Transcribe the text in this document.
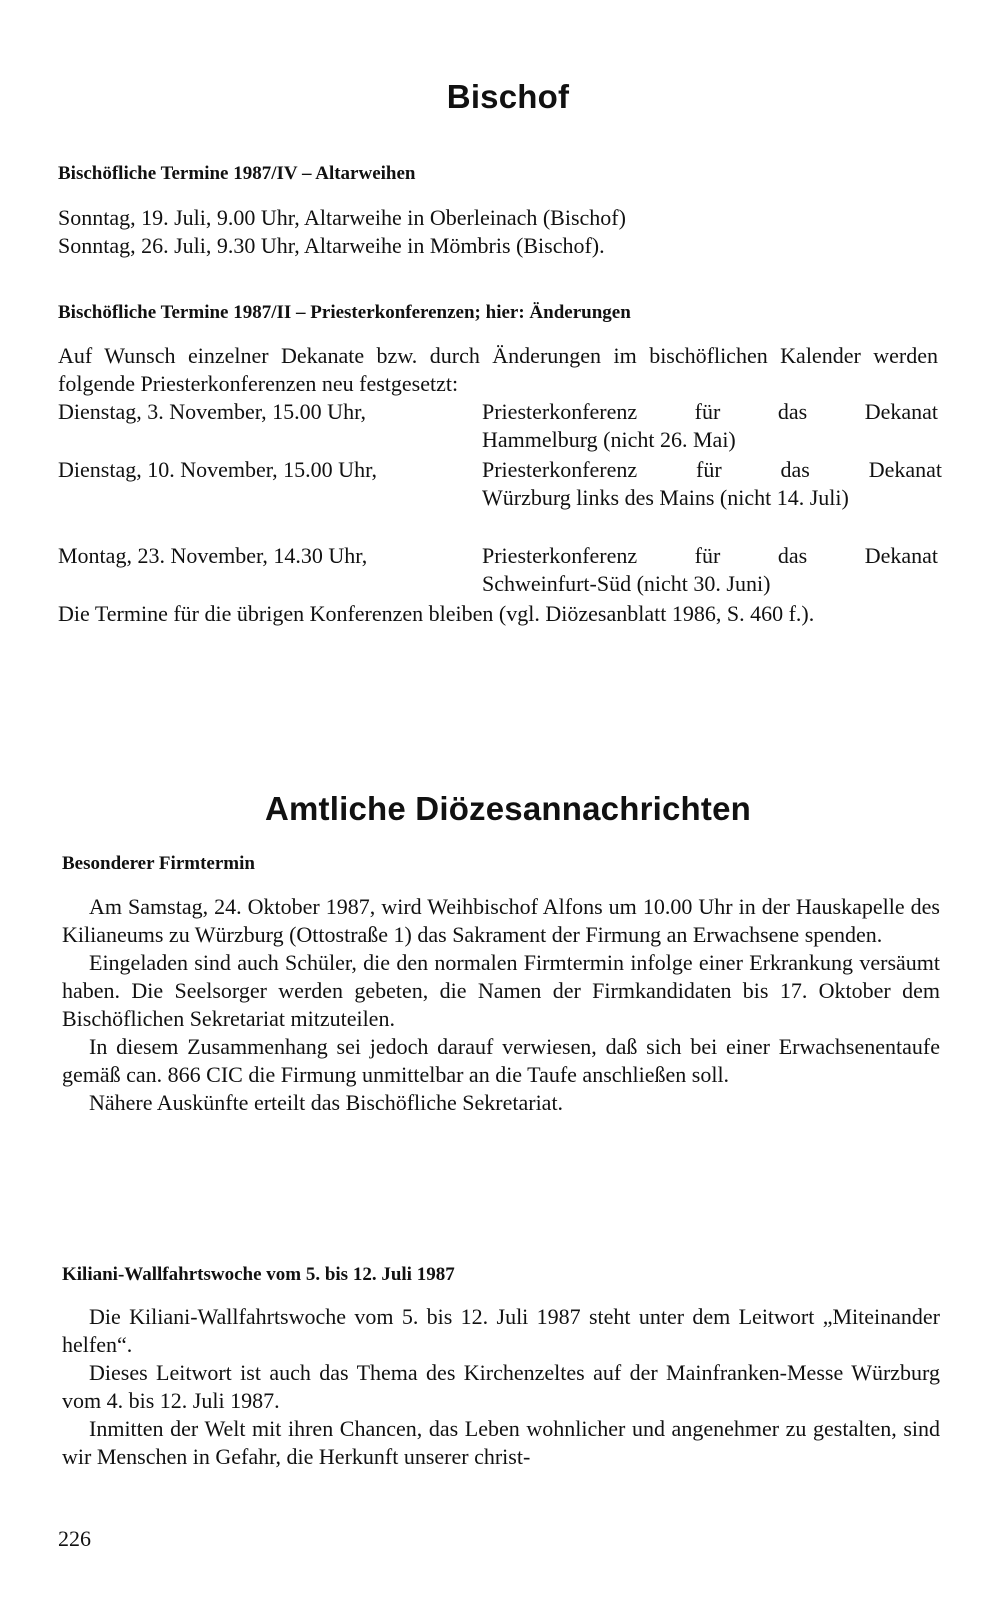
Bischof
Bischöfliche Termine 1987/IV – Altarweihen

Sonntag, 19. Juli, 9.00 Uhr, Altarweihe in Oberleinach (Bischof)

Sonntag, 26. Juli, 9.30 Uhr, Altarweihe in Mömbris (Bischof).

Bischöfliche Termine 1987/II – Priesterkonferenzen; hier: Änderungen

Auf Wunsch einzelner Dekanate bzw. durch Änderungen im bischöflichen Kalender werden folgende Priesterkonferenzen neu festgesetzt:

Dienstag, 3. November, 15.00 Uhr,	Priesterkonferenz für das Dekanat
Hammelburg (nicht 26. Mai)
Dienstag, 10. November, 15.00 Uhr,	Priesterkonferenz für das Dekanat
Würzburg links des Mains (nicht 14. Juli)
Montag, 23. November, 14.30 Uhr,	Priesterkonferenz für das Dekanat
Schweinfurt-Süd (nicht 30. Juni)

Die Termine für die übrigen Konferenzen bleiben (vgl. Diözesanblatt 1986, S. 460 f.).

Amtliche Diözesannachrichten
Besonderer Firmtermin

Am Samstag, 24. Oktober 1987, wird Weihbischof Alfons um 10.00 Uhr in der Hauskapelle des Kilianeums zu Würzburg (Ottostraße 1) das Sakrament der Firmung an Erwachsene spenden.

Eingeladen sind auch Schüler, die den normalen Firmtermin infolge einer Erkrankung versäumt haben. Die Seelsorger werden gebeten, die Namen der Firmkandidaten bis 17. Oktober dem Bischöflichen Sekretariat mitzuteilen.

In diesem Zusammenhang sei jedoch darauf verwiesen, daß sich bei einer Erwachsenentaufe gemäß can. 866 CIC die Firmung unmittelbar an die Taufe anschließen soll.

Nähere Auskünfte erteilt das Bischöfliche Sekretariat.

Kiliani-Wallfahrtswoche vom 5. bis 12. Juli 1987

Die Kiliani-Wallfahrtswoche vom 5. bis 12. Juli 1987 steht unter dem Leitwort „Miteinander helfen“.

Dieses Leitwort ist auch das Thema des Kirchenzeltes auf der Mainfranken-Messe Würzburg vom 4. bis 12. Juli 1987.

Inmitten der Welt mit ihren Chancen, das Leben wohnlicher und angenehmer zu gestalten, sind wir Menschen in Gefahr, die Herkunft unserer christ-

226
